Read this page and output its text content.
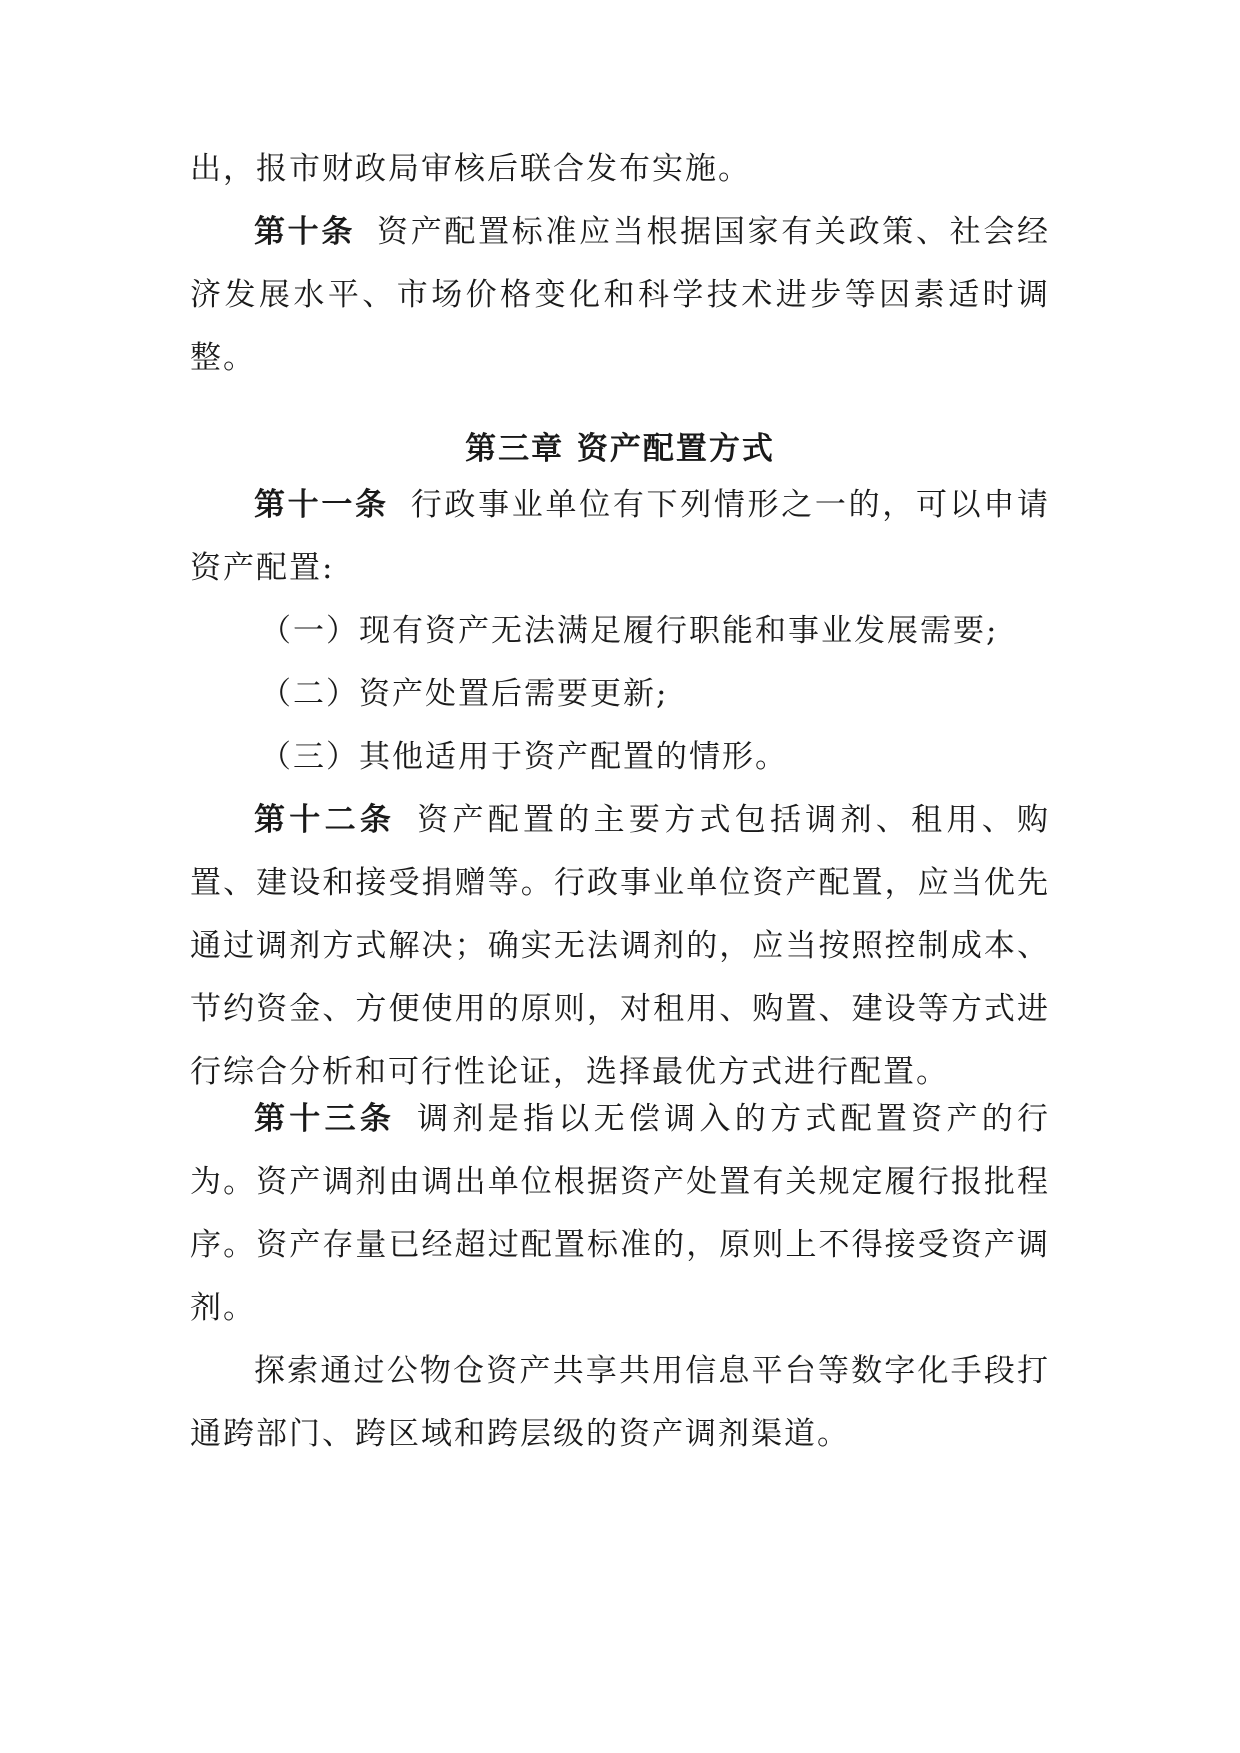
出，报市财政局审核后联合发布实施。

第十条 资产配置标准应当根据国家有关政策、社会经济发展水平、市场价格变化和科学技术进步等因素适时调整。

第三章 资产配置方式

第十一条 行政事业单位有下列情形之一的，可以申请资产配置:

（一）现有资产无法满足履行职能和事业发展需要;

（二）资产处置后需要更新;

（三）其他适用于资产配置的情形。

第十二条 资产配置的主要方式包括调剂、租用、购置、建设和接受捐赠等。行政事业单位资产配置，应当优先通过调剂方式解决；确实无法调剂的，应当按照控制成本、节约资金、方便使用的原则，对租用、购置、建设等方式进行综合分析和可行性论证，选择最优方式进行配置。

第十三条 调剂是指以无偿调入的方式配置资产的行为。资产调剂由调出单位根据资产处置有关规定履行报批程序。资产存量已经超过配置标准的，原则上不得接受资产调剂。

探索通过公物仓资产共享共用信息平台等数字化手段打通跨部门、跨区域和跨层级的资产调剂渠道。
